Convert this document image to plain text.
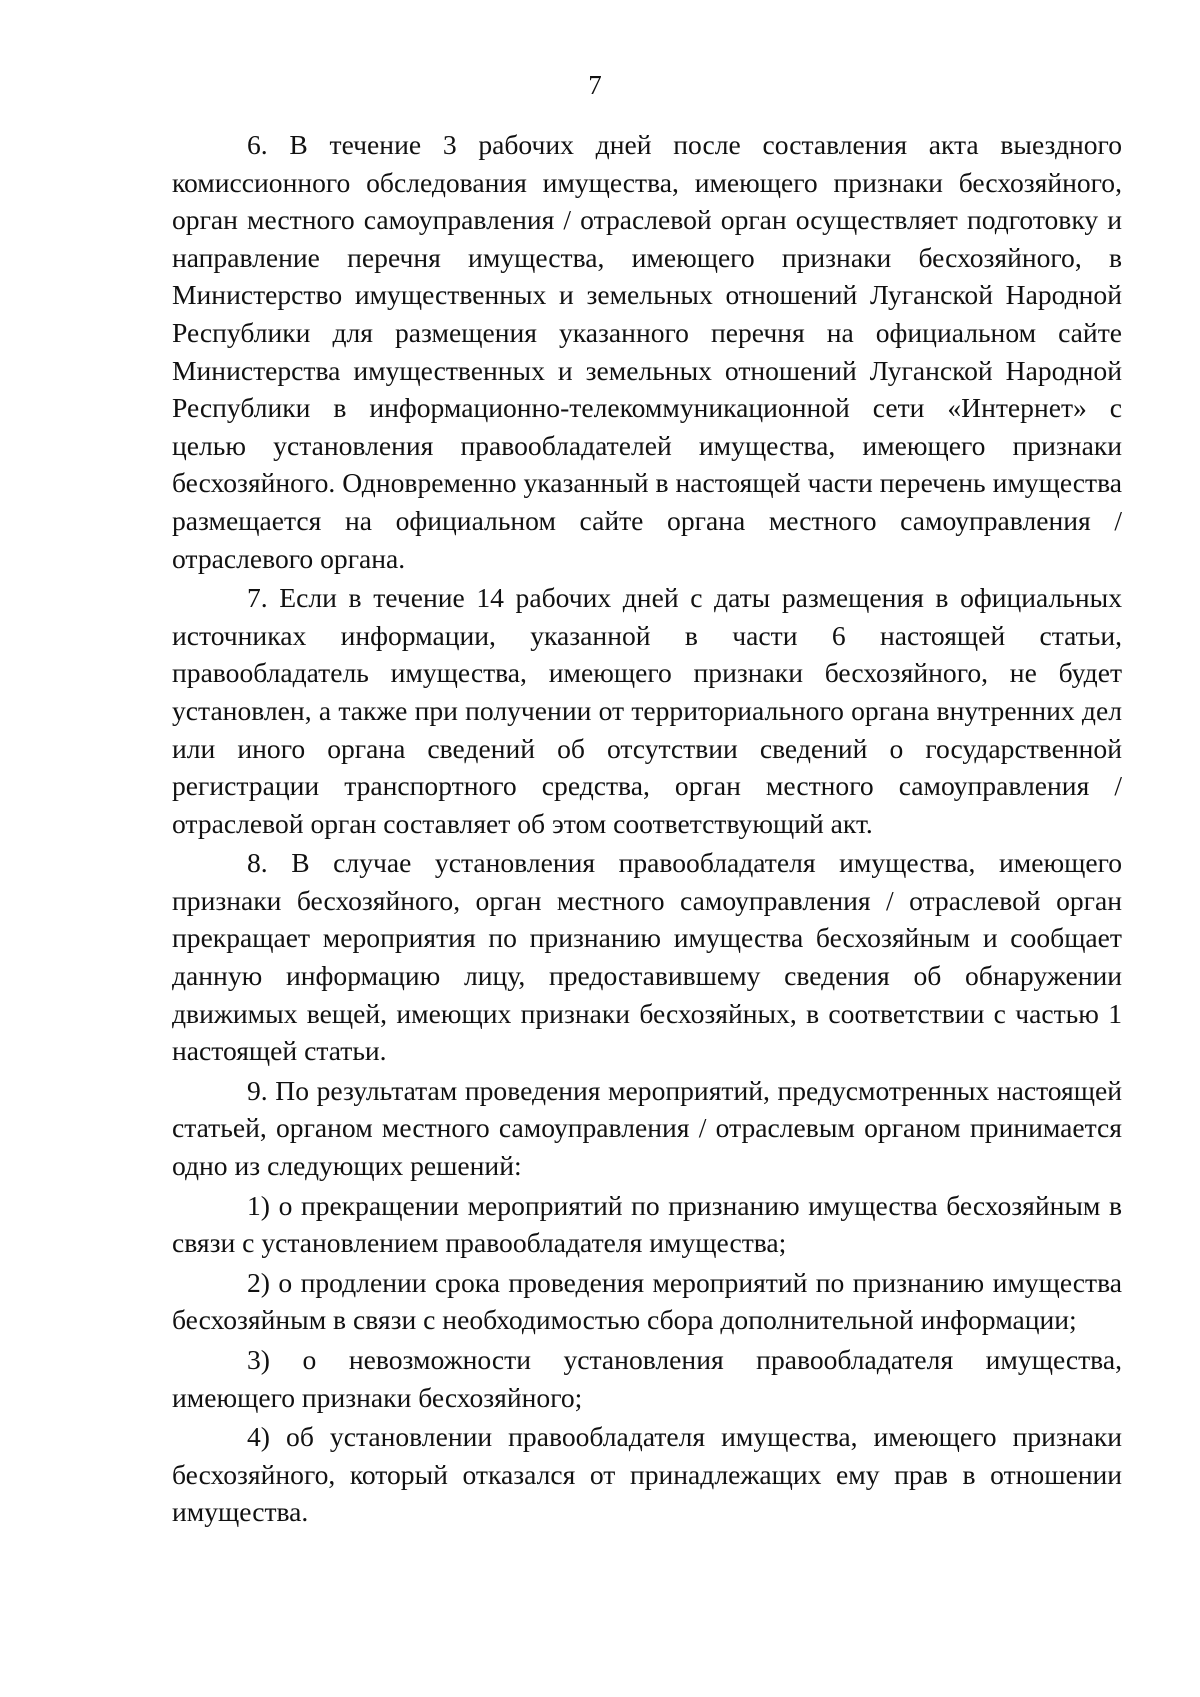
7

6. В течение 3 рабочих дней после составления акта выездного комиссионного обследования имущества, имеющего признаки бесхозяйного, орган местного самоуправления / отраслевой орган осуществляет подготовку и направление перечня имущества, имеющего признаки бесхозяйного, в Министерство имущественных и земельных отношений Луганской Народной Республики для размещения указанного перечня на официальном сайте Министерства имущественных и земельных отношений Луганской Народной Республики в информационно-телекоммуникационной сети «Интернет» с целью установления правообладателей имущества, имеющего признаки бесхозяйного. Одновременно указанный в настоящей части перечень имущества размещается на официальном сайте органа местного самоуправления / отраслевого органа.

7. Если в течение 14 рабочих дней с даты размещения в официальных источниках информации, указанной в части 6 настоящей статьи, правообладатель имущества, имеющего признаки бесхозяйного, не будет установлен, а также при получении от территориального органа внутренних дел или иного органа сведений об отсутствии сведений о государственной регистрации транспортного средства, орган местного самоуправления / отраслевой орган составляет об этом соответствующий акт.

8. В случае установления правообладателя имущества, имеющего признаки бесхозяйного, орган местного самоуправления / отраслевой орган прекращает мероприятия по признанию имущества бесхозяйным и сообщает данную информацию лицу, предоставившему сведения об обнаружении движимых вещей, имеющих признаки бесхозяйных, в соответствии с частью 1 настоящей статьи.

9. По результатам проведения мероприятий, предусмотренных настоящей статьей, органом местного самоуправления / отраслевым органом принимается одно из следующих решений:

1) о прекращении мероприятий по признанию имущества бесхозяйным в связи с установлением правообладателя имущества;

2) о продлении срока проведения мероприятий по признанию имущества бесхозяйным в связи с необходимостью сбора дополнительной информации;

3) о невозможности установления правообладателя имущества, имеющего признаки бесхозяйного;

4) об установлении правообладателя имущества, имеющего признаки бесхозяйного, который отказался от принадлежащих ему прав в отношении имущества.
